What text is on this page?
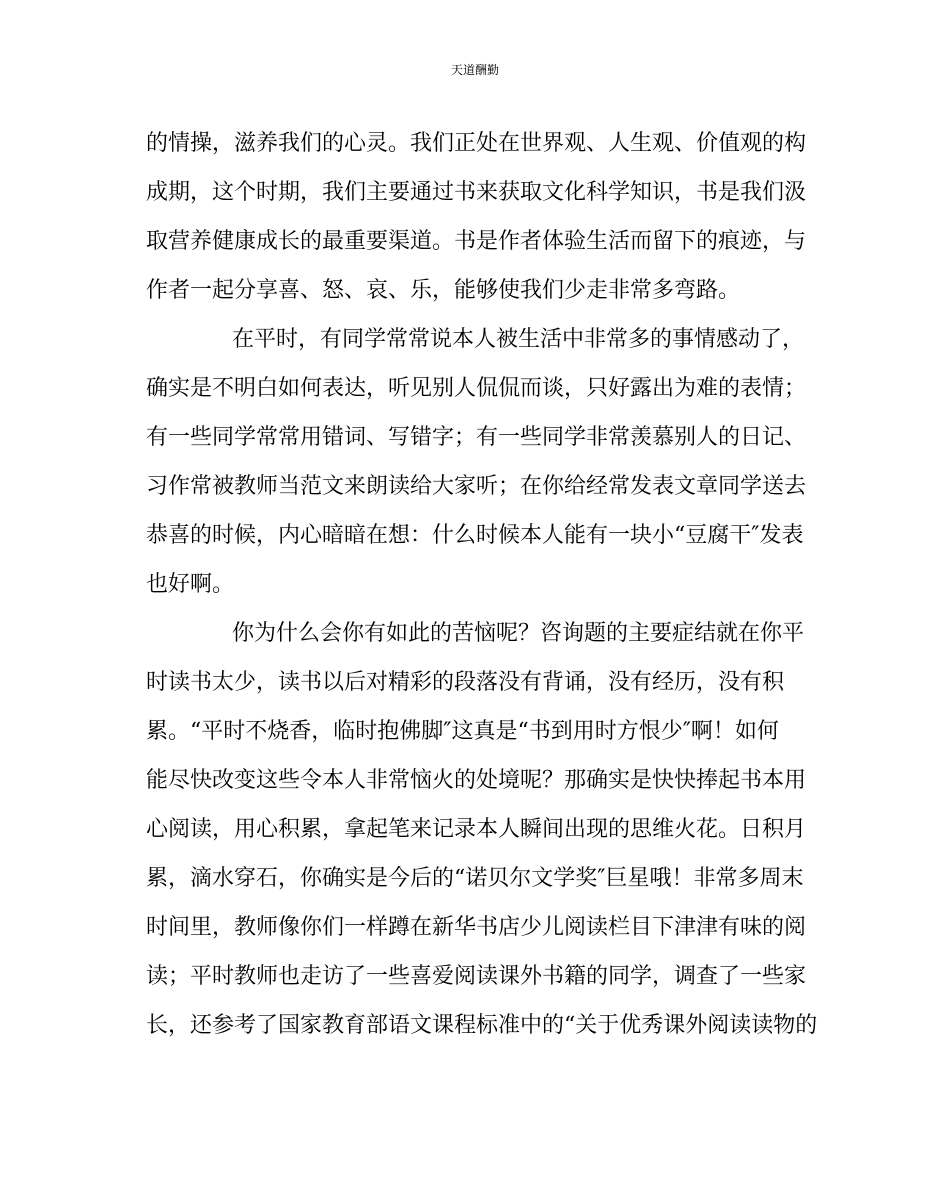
天道酬勤
的情操，滋养我们的心灵。我们正处在世界观、人生观、价值观的构
成期，这个时期，我们主要通过书来获取文化科学知识，书是我们汲
取营养健康成长的最重要渠道。书是作者体验生活而留下的痕迹，与
作者一起分享喜、怒、哀、乐，能够使我们少走非常多弯路。
在平时，有同学常常说本人被生活中非常多的事情感动了，
确实是不明白如何表达，听见别人侃侃而谈，只好露出为难的表情；
有一些同学常常用错词、写错字；有一些同学非常羡慕别人的日记、
习作常被教师当范文来朗读给大家听；在你给经常发表文章同学送去
恭喜的时候，内心暗暗在想：什么时候本人能有一块小“豆腐干″发表
也好啊。
你为什么会你有如此的苦恼呢？咨询题的主要症结就在你平
时读书太少，读书以后对精彩的段落没有背诵，没有经历，没有积
累。“平时不烧香，临时抱佛脚″这真是“书到用时方恨少″啊！如何
能尽快改变这些令本人非常恼火的处境呢？那确实是快快捧起书本用
心阅读，用心积累，拿起笔来记录本人瞬间出现的思维火花。日积月
累，滴水穿石，你确实是今后的“诺贝尔文学奖″巨星哦！非常多周末
时间里，教师像你们一样蹲在新华书店少儿阅读栏目下津津有味的阅
读；平时教师也走访了一些喜爱阅读课外书籍的同学，调查了一些家
长，还参考了国家教育部语文课程标准中的“关于优秀课外阅读读物的
